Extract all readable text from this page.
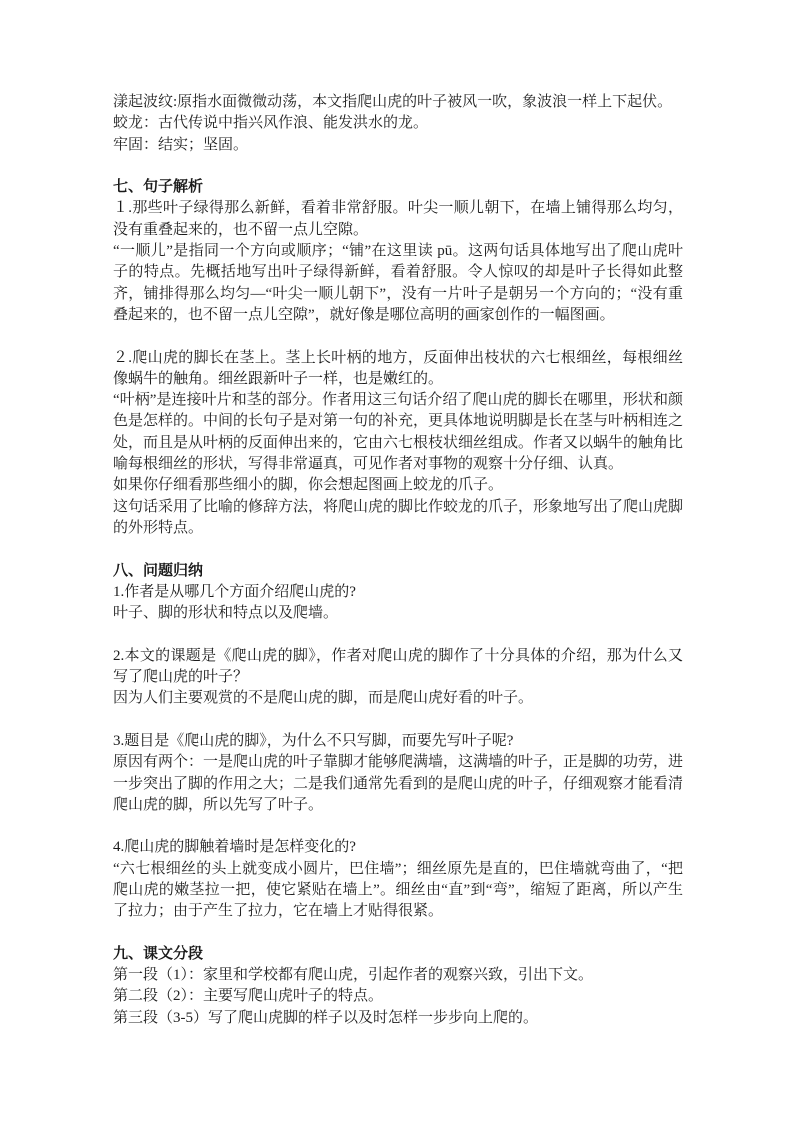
漾起波纹:原指水面微微动荡，本文指爬山虎的叶子被风一吹，象波浪一样上下起伏。

蛟龙：古代传说中指兴风作浪、能发洪水的龙。

牢固：结实；坚固。

七、句子解析

１.那些叶子绿得那么新鲜，看着非常舒服。叶尖一顺儿朝下，在墙上铺得那么均匀，没有重叠起来的，也不留一点儿空隙。

“一顺儿”是指同一个方向或顺序；“铺”在这里读 pū。这两句话具体地写出了爬山虎叶子的特点。先概括地写出叶子绿得新鲜，看着舒服。令人惊叹的却是叶子长得如此整齐，铺排得那么均匀—“叶尖一顺儿朝下”，没有一片叶子是朝另一个方向的；“没有重叠起来的，也不留一点儿空隙”，就好像是哪位高明的画家创作的一幅图画。

２.爬山虎的脚长在茎上。茎上长叶柄的地方，反面伸出枝状的六七根细丝，每根细丝像蜗牛的触角。细丝跟新叶子一样，也是嫩红的。

“叶柄”是连接叶片和茎的部分。作者用这三句话介绍了爬山虎的脚长在哪里，形状和颜色是怎样的。中间的长句子是对第一句的补充，更具体地说明脚是长在茎与叶柄相连之处，而且是从叶柄的反面伸出来的，它由六七根枝状细丝组成。作者又以蜗牛的触角比喻每根细丝的形状，写得非常逼真，可见作者对事物的观察十分仔细、认真。

如果你仔细看那些细小的脚，你会想起图画上蛟龙的爪子。

这句话采用了比喻的修辞方法，将爬山虎的脚比作蛟龙的爪子，形象地写出了爬山虎脚的外形特点。

八、问题归纳

1.作者是从哪几个方面介绍爬山虎的?

叶子、脚的形状和特点以及爬墙。

2.本文的课题是《爬山虎的脚》，作者对爬山虎的脚作了十分具体的介绍，那为什么又写了爬山虎的叶子？

因为人们主要观赏的不是爬山虎的脚，而是爬山虎好看的叶子。

3.题目是《爬山虎的脚》，为什么不只写脚，而要先写叶子呢?

原因有两个：一是爬山虎的叶子靠脚才能够爬满墙，这满墙的叶子，正是脚的功劳，进一步突出了脚的作用之大；二是我们通常先看到的是爬山虎的叶子，仔细观察才能看清爬山虎的脚，所以先写了叶子。

4.爬山虎的脚触着墙时是怎样变化的?

“六七根细丝的头上就变成小圆片，巴住墙”；细丝原先是直的，巴住墙就弯曲了，“把爬山虎的嫩茎拉一把，使它紧贴在墙上”。细丝由“直”到“弯”，缩短了距离，所以产生了拉力；由于产生了拉力，它在墙上才贴得很紧。

九、课文分段

第一段（1）：家里和学校都有爬山虎，引起作者的观察兴致，引出下文。

第二段（2）：主要写爬山虎叶子的特点。

第三段（3-5）写了爬山虎脚的样子以及时怎样一步步向上爬的。
